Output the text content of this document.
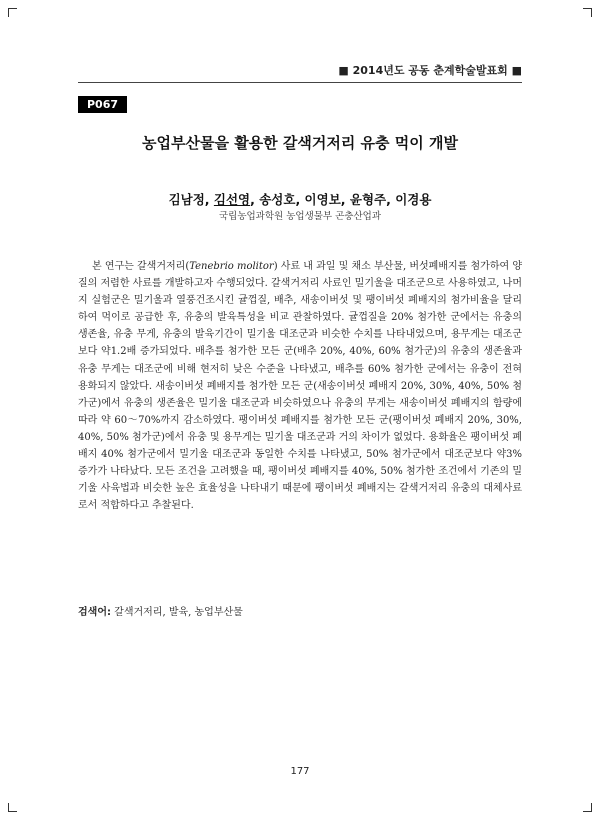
■ 2014년도 공동 춘계학술발표회 ■
P067
농업부산물을 활용한 갈색거저리 유충 먹이 개발
김남정, 김선영, 송성호, 이영보, 윤형주, 이경용
국립농업과학원 농업생물부 곤충산업과
본 연구는 갈색거저리(Tenebrio molitor) 사료 내 과일 및 채소 부산물, 버섯폐배지를 첨가하여 양질의 저렴한 사료를 개발하고자 수행되었다. 갈색거저리 사료인 밀기울을 대조군으로 사용하였고, 나머지 실험군은 밀기울과 열풍건조시킨 귤껍질, 배추, 새송이버섯 및 팽이버섯 폐배지의 첨가비율을 달리하여 먹이로 공급한 후, 유충의 발육특성을 비교 관찰하였다. 귤껍질을 20% 첨가한 군에서는 유충의 생존율, 유충 무게, 유충의 발육기간이 밀기울 대조군과 비슷한 수치를 나타내었으며, 용무게는 대조군보다 약1.2배 증가되었다. 배추를 첨가한 모든 군(배추 20%, 40%, 60% 첨가군)의 유충의 생존율과 유충 무게는 대조군에 비해 현저히 낮은 수준을 나타냈고, 배추를 60% 첨가한 군에서는 유충이 전혀 용화되지 않았다. 새송이버섯 폐배지를 첨가한 모든 군(새송이버섯 폐배지 20%, 30%, 40%, 50% 첨가군)에서 유충의 생존율은 밀기울 대조군과 비슷하였으나 유충의 무게는 새송이버섯 폐배지의 함량에 따라 약 60～70%까지 감소하였다. 팽이버섯 폐배지를 첨가한 모든 군(팽이버섯 폐배지 20%, 30%, 40%, 50% 첨가군)에서 유충 및 용무게는 밀기울 대조군과 거의 차이가 없었다. 용화율은 팽이버섯 폐배지 40% 첨가군에서 밀기울 대조군과 동일한 수치를 나타냈고, 50% 첨가군에서 대조군보다 약3% 증가가 나타났다. 모든 조건을 고려했을 때, 팽이버섯 폐배지를 40%, 50% 첨가한 조건에서 기존의 밀기울 사육법과 비슷한 높은 효율성을 나타내기 때문에 팽이버섯 폐배지는 갈색거저리 유충의 대체사료로서 적합하다고 추찰된다.
검색어: 갈색거저리, 발육, 농업부산물
177
